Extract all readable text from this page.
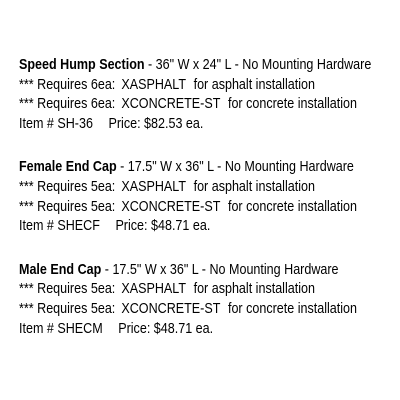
Speed Hump Section - 36" W x 24" L - No Mounting Hardware
*** Requires 6ea: XASPHALT for asphalt installation
*** Requires 6ea: XCONCRETE-ST for concrete installation
Item # SH-36 Price: $82.53 ea.
Female End Cap - 17.5" W x 36" L - No Mounting Hardware
*** Requires 5ea: XASPHALT for asphalt installation
*** Requires 5ea: XCONCRETE-ST for concrete installation
Item # SHECF Price: $48.71 ea.
Male End Cap - 17.5" W x 36" L - No Mounting Hardware
*** Requires 5ea: XASPHALT for asphalt installation
*** Requires 5ea: XCONCRETE-ST for concrete installation
Item # SHECM Price: $48.71 ea.
